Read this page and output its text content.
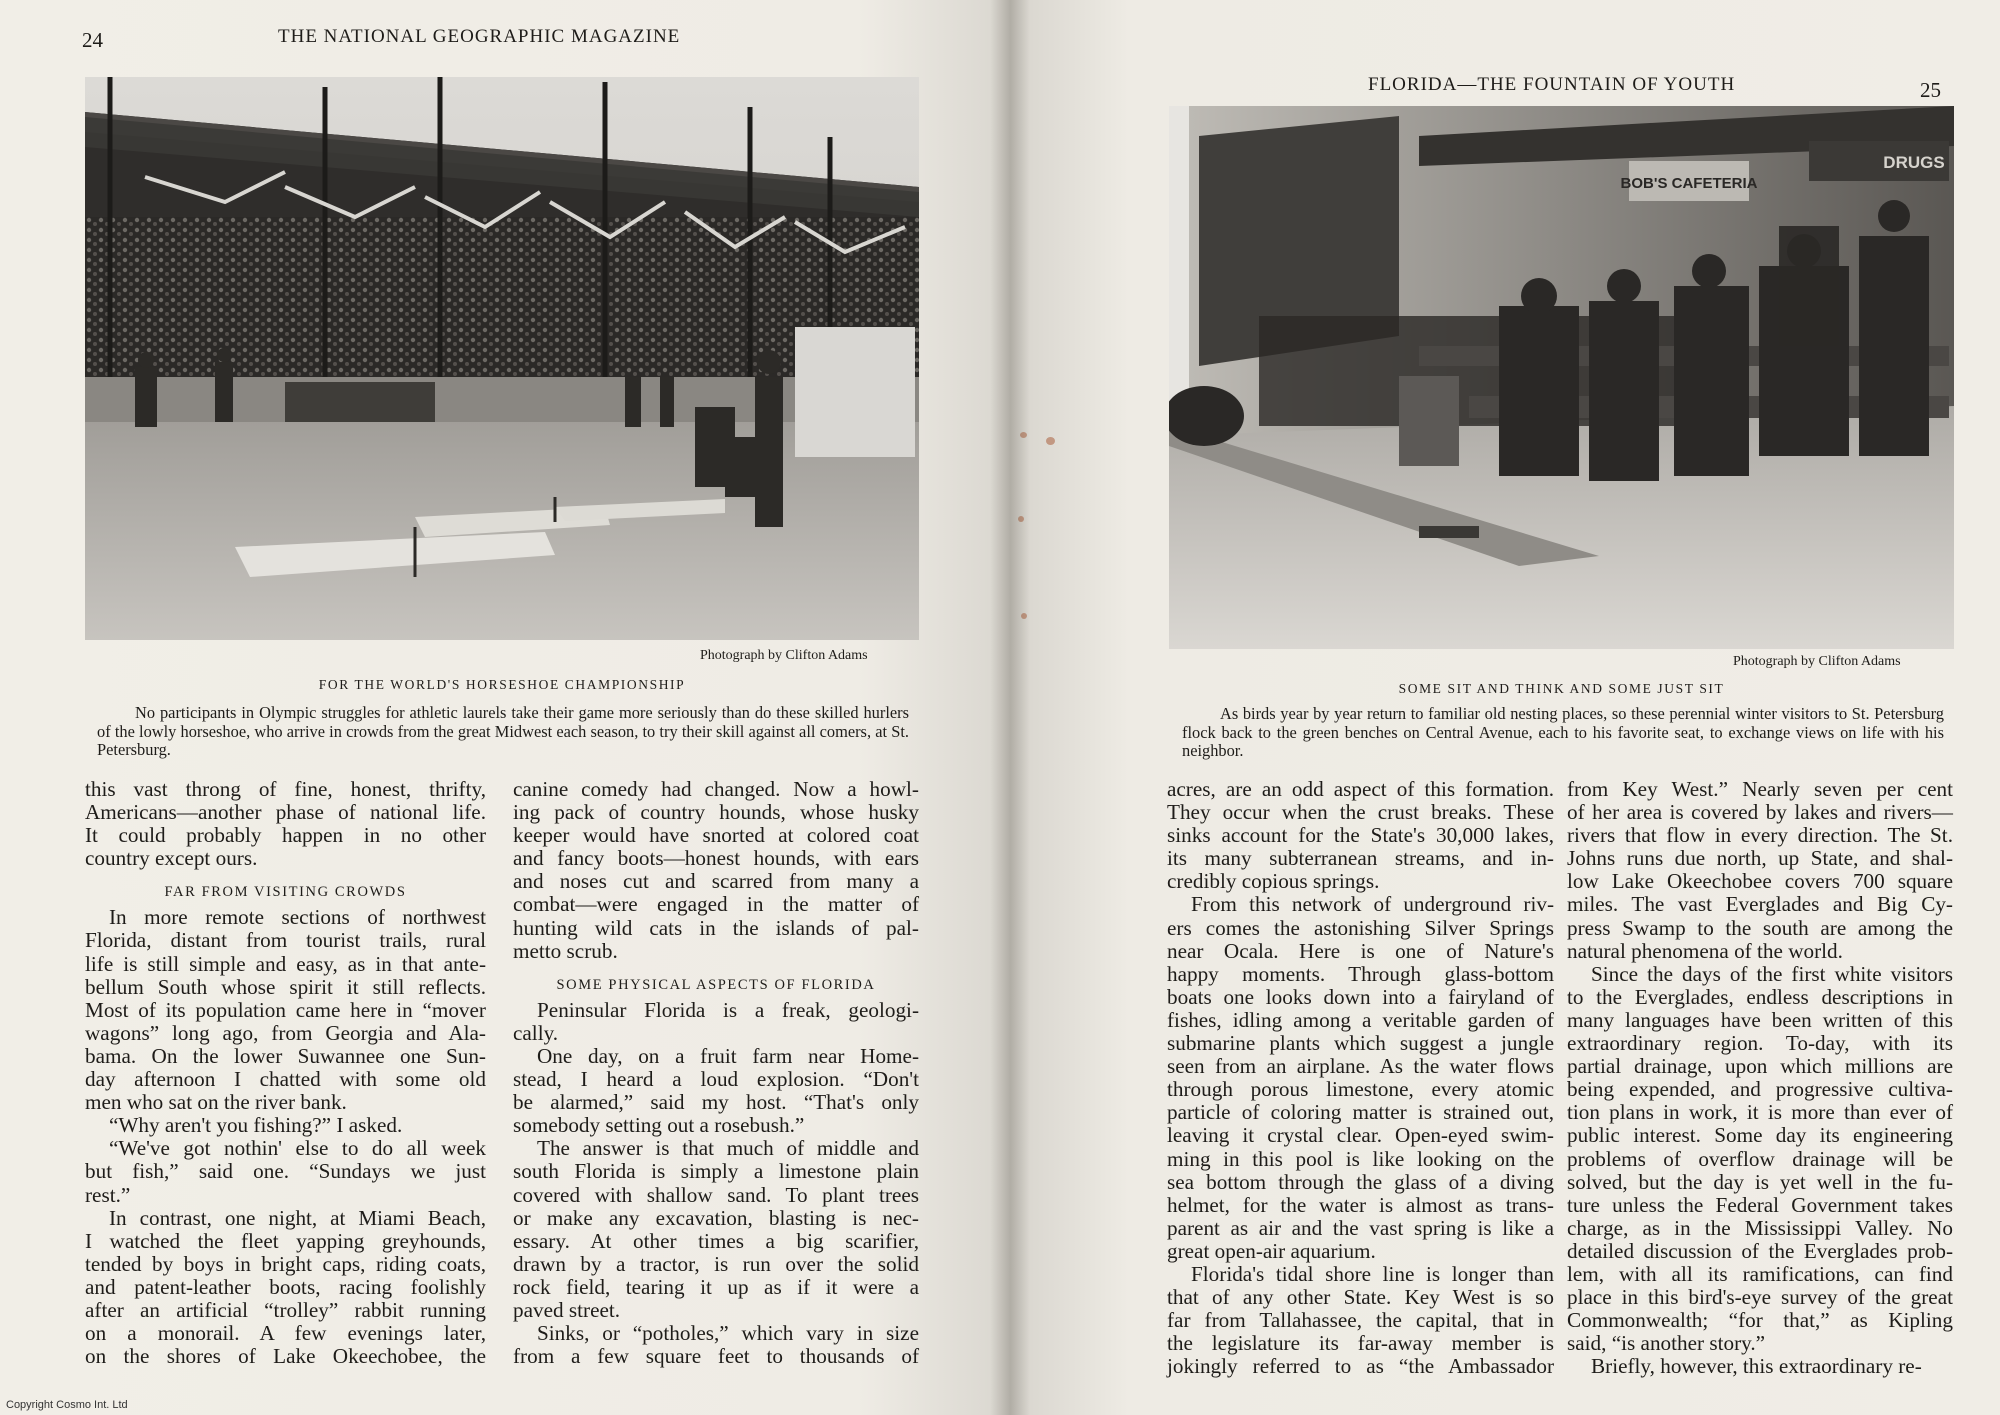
24	THE NATIONAL GEOGRAPHIC MAGAZINE
Photograph by Clifton Adams
FOR THE WORLD'S HORSESHOE CHAMPIONSHIP
No participants in Olympic struggles for athletic laurels take their game more seriously than do these skilled hurlers of the lowly horseshoe, who arrive in crowds from the great Midwest each season, to try their skill against all comers, at St. Petersburg.
this vast throng of fine, honest, thrifty,
Americans—another phase of national life.
It could probably happen in no other
country except ours.
FAR FROM VISITING CROWDS
In more remote sections of northwest
Florida, distant from tourist trails, rural
life is still simple and easy, as in that ante-
bellum South whose spirit it still reflects.
Most of its population came here in “mover
wagons” long ago, from Georgia and Ala-
bama. On the lower Suwannee one Sun-
day afternoon I chatted with some old
men who sat on the river bank.
“Why aren't you fishing?” I asked.
“We've got nothin' else to do all week
but fish,” said one. “Sundays we just
rest.”
In contrast, one night, at Miami Beach,
I watched the fleet yapping greyhounds,
tended by boys in bright caps, riding coats,
and patent-leather boots, racing foolishly
after an artificial “trolley” rabbit running
on a monorail. A few evenings later,
on the shores of Lake Okeechobee, the
canine comedy had changed. Now a howl-
ing pack of country hounds, whose husky
keeper would have snorted at colored coat
and fancy boots—honest hounds, with ears
and noses cut and scarred from many a
combat—were engaged in the matter of
hunting wild cats in the islands of pal-
metto scrub.
SOME PHYSICAL ASPECTS OF FLORIDA
Peninsular Florida is a freak, geologi-
cally.
One day, on a fruit farm near Home-
stead, I heard a loud explosion. “Don't
be alarmed,” said my host. “That's only
somebody setting out a rosebush.”
The answer is that much of middle and
south Florida is simply a limestone plain
covered with shallow sand. To plant trees
or make any excavation, blasting is nec-
essary. At other times a big scarifier,
drawn by a tractor, is run over the solid
rock field, tearing it up as if it were a
paved street.
Sinks, or “potholes,” which vary in size
from a few square feet to thousands of
FLORIDA—THE FOUNTAIN OF YOUTH	25
BOB'S CAFETERIA
DRUGS
Photograph by Clifton Adams
SOME SIT AND THINK AND SOME JUST SIT
As birds year by year return to familiar old nesting places, so these perennial winter visitors to St. Petersburg flock back to the green benches on Central Avenue, each to his favorite seat, to exchange views on life with his neighbor.
acres, are an odd aspect of this formation.
They occur when the crust breaks. These
sinks account for the State's 30,000 lakes,
its many subterranean streams, and in-
credibly copious springs.
From this network of underground riv-
ers comes the astonishing Silver Springs
near Ocala. Here is one of Nature's
happy moments. Through glass-bottom
boats one looks down into a fairyland of
fishes, idling among a veritable garden of
submarine plants which suggest a jungle
seen from an airplane. As the water flows
through porous limestone, every atomic
particle of coloring matter is strained out,
leaving it crystal clear. Open-eyed swim-
ming in this pool is like looking on the
sea bottom through the glass of a diving
helmet, for the water is almost as trans-
parent as air and the vast spring is like a
great open-air aquarium.
Florida's tidal shore line is longer than
that of any other State. Key West is so
far from Tallahassee, the capital, that in
the legislature its far-away member is
jokingly referred to as “the Ambassador
from Key West.” Nearly seven per cent
of her area is covered by lakes and rivers—
rivers that flow in every direction. The St.
Johns runs due north, up State, and shal-
low Lake Okeechobee covers 700 square
miles. The vast Everglades and Big Cy-
press Swamp to the south are among the
natural phenomena of the world.
Since the days of the first white visitors
to the Everglades, endless descriptions in
many languages have been written of this
extraordinary region. To-day, with its
partial drainage, upon which millions are
being expended, and progressive cultiva-
tion plans in work, it is more than ever of
public interest. Some day its engineering
problems of overflow drainage will be
solved, but the day is yet well in the fu-
ture unless the Federal Government takes
charge, as in the Mississippi Valley. No
detailed discussion of the Everglades prob-
lem, with all its ramifications, can find
place in this bird's-eye survey of the great
Commonwealth; “for that,” as Kipling
said, “is another story.”
Briefly, however, this extraordinary re-
Copyright Cosmo Int. Ltd
